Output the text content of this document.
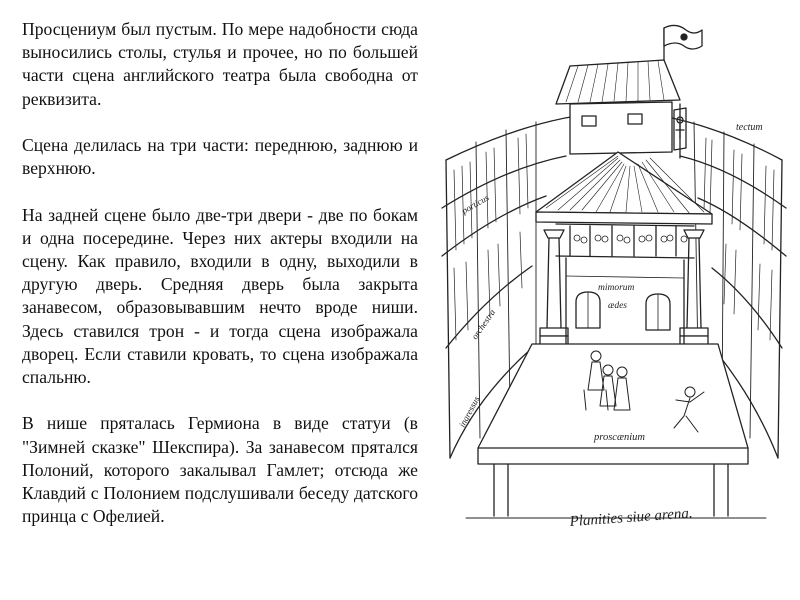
Просцениум был пустым. По мере надобности сюда выносились столы, стулья и прочее, но по большей части сцена английского театра была свободна от реквизита.

Сцена делилась на три части: переднюю, заднюю и верхнюю.

На задней сцене было две-три двери - две по бокам и одна посередине. Через них актеры входили на сцену. Как правило, входили в одну, выходили в другую дверь. Средняя дверь была закрыта занавесом, образовывавшим нечто вроде ниши. Здесь ставился трон - и тогда сцена изображала дворец. Если ставили кровать, то сцена изображала спальню.

В нише пряталась Гермиона в виде статуи (в "Зимней сказке" Шекспира). За занавесом прятался Полоний, которого закалывал Гамлет; отсюда же Клавдий с Полонием подслушивали беседу датского принца с Офелией.

tectum
porticus
mimorum
ædes
orchestra
ingressus
proscænium
Planities siue arena.
